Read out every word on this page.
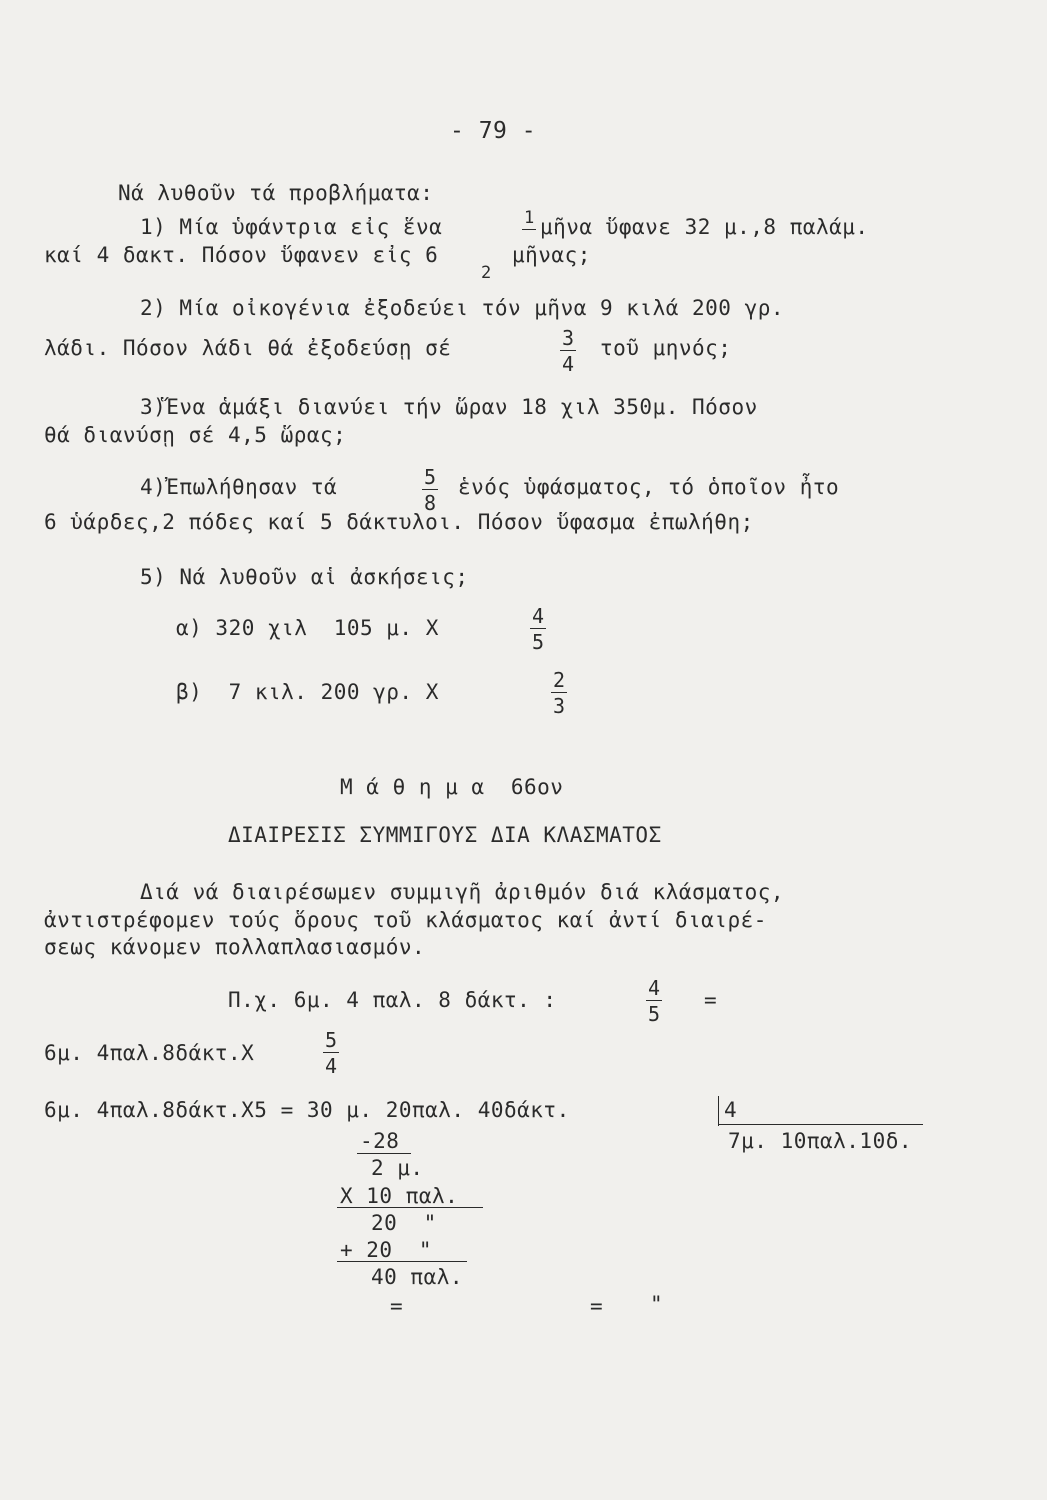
- 79 -
Νά λυθοῦν τά προβλήματα:
1) Μία ὑφάντρια εἰς ἕνα	1 μῆνα ὕφανε 32 μ.,8 παλάμ.
καί 4 δακτ. Πόσον ὕφανεν εἰς 6
2
μῆνας;
2) Μία οἰκογένια ἐξοδεύει τόν μῆνα 9 κιλά 200 γρ.
λάδι. Πόσον λάδι θά ἐξοδεύσῃ σέ	$\frac{3}{4}$ τοῦ μηνός;
3)Ἕνα ἁμάξι διανύει τήν ὥραν 18 χιλ 350μ. Πόσον
θά διανύσῃ σέ 4,5 ὥρας;
4)Ἐπωλήθησαν τά	$\frac{5}{8}$ ἑνός ὑφάσματος, τό ὁποῖον ἦτο
6 ὑάρδες,2 πόδες καί 5 δάκτυλοι. Πόσον ὕφασμα ἐπωλήθη;
5) Νά λυθοῦν αἱ ἀσκήσεις;
α) 320 χιλ  105 μ. X	$\frac{4}{5}$
β)  7 κιλ. 200 γρ. X	$\frac{2}{3}$
Μ ά θ η μ α  66ον
ΔΙΑΙΡΕΣΙΣ ΣΥΜΜΙΓΟΥΣ ΔΙΑ ΚΛΑΣΜΑΤΟΣ
Διά νά διαιρέσωμεν συμμιγῆ ἀριθμόν διά κλάσματος,
ἀντιστρέφομεν τούς ὅρους τοῦ κλάσματος καί ἀντί διαιρέ-
σεως κάνομεν πολλαπλασιασμόν.
Π.χ. 6μ. 4 παλ. 8 δάκτ. :	$\frac{4}{5}$ =
6μ. 4παλ.8δάκτ.Χ	$\frac{5}{4}$
6μ. 4παλ.8δάκτ.Χ5 = 30 μ. 20παλ. 40δάκτ.	4
7μ. 10παλ.10δ.
-28
2 μ.
Χ 10 παλ.
20  "
+ 20  "
40 παλ.
=	= "
